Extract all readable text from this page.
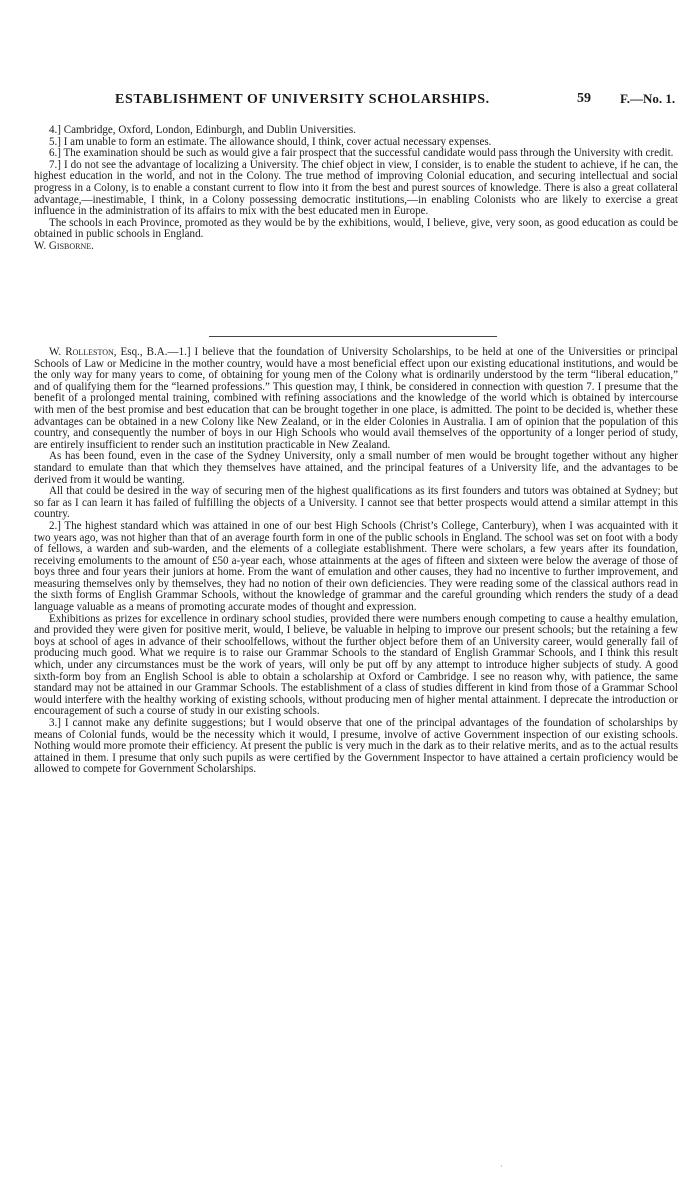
ESTABLISHMENT OF UNIVERSITY SCHOLARSHIPS.	59 F.—No. 1.

4.] Cambridge, Oxford, London, Edinburgh, and Dublin Universities.

5.] I am unable to form an estimate. The allowance should, I think, cover actual necessary expenses.

6.] The examination should be such as would give a fair prospect that the successful candidate would pass through the University with credit.

7.] I do not see the advantage of localizing a University. The chief object in view, I consider, is to enable the student to achieve, if he can, the highest education in the world, and not in the Colony. The true method of improving Colonial education, and securing intellectual and social progress in a Colony, is to enable a constant current to flow into it from the best and purest sources of knowledge. There is also a great collateral advantage,—inestimable, I think, in a Colony possessing democratic institutions,—in enabling Colonists who are likely to exercise a great influence in the administration of its affairs to mix with the best educated men in Europe.

The schools in each Province, promoted as they would be by the exhibitions, would, I believe, give, very soon, as good education as could be obtained in public schools in England.

W. Gisborne.

W. Rolleston, Esq., B.A.—1.] I believe that the foundation of University Scholarships, to be held at one of the Universities or principal Schools of Law or Medicine in the mother country, would have a most beneficial effect upon our existing educational institutions, and would be the only way for many years to come, of obtaining for young men of the Colony what is ordinarily understood by the term “liberal education,” and of qualifying them for the “learned professions.” This question may, I think, be considered in connection with question 7. I presume that the benefit of a prolonged mental training, combined with refining associations and the knowledge of the world which is obtained by intercourse with men of the best promise and best education that can be brought together in one place, is admitted. The point to be decided is, whether these advantages can be obtained in a new Colony like New Zealand, or in the elder Colonies in Australia. I am of opinion that the population of this country, and consequently the number of boys in our High Schools who would avail themselves of the opportunity of a longer period of study, are entirely insufficient to render such an institution practicable in New Zealand.

As has been found, even in the case of the Sydney University, only a small number of men would be brought together without any higher standard to emulate than that which they themselves have attained, and the principal features of a University life, and the advantages to be derived from it would be wanting.

All that could be desired in the way of securing men of the highest qualifications as its first founders and tutors was obtained at Sydney; but so far as I can learn it has failed of fulfilling the objects of a University. I cannot see that better prospects would attend a similar attempt in this country.

2.] The highest standard which was attained in one of our best High Schools (Christ’s College, Canterbury), when I was acquainted with it two years ago, was not higher than that of an average fourth form in one of the public schools in England. The school was set on foot with a body of fellows, a warden and sub-warden, and the elements of a collegiate establishment. There were scholars, a few years after its foundation, receiving emoluments to the amount of £50 a-year each, whose attainments at the ages of fifteen and sixteen were below the average of those of boys three and four years their juniors at home. From the want of emulation and other causes, they had no incentive to further improvement, and measuring themselves only by themselves, they had no notion of their own deficiencies. They were reading some of the classical authors read in the sixth forms of English Grammar Schools, without the knowledge of grammar and the careful grounding which renders the study of a dead language valuable as a means of promoting accurate modes of thought and expression.

Exhibitions as prizes for excellence in ordinary school studies, provided there were numbers enough competing to cause a healthy emulation, and provided they were given for positive merit, would, I believe, be valuable in helping to improve our present schools; but the retaining a few boys at school of ages in advance of their schoolfellows, without the further object before them of an University career, would generally fail of producing much good. What we require is to raise our Grammar Schools to the standard of English Grammar Schools, and I think this result which, under any circumstances must be the work of years, will only be put off by any attempt to introduce higher subjects of study. A good sixth-form boy from an English School is able to obtain a scholarship at Oxford or Cambridge. I see no reason why, with patience, the same standard may not be attained in our Grammar Schools. The establishment of a class of studies different in kind from those of a Grammar School would interfere with the healthy working of existing schools, without producing men of higher mental attainment. I deprecate the introduction or encouragement of such a course of study in our existing schools.

3.] I cannot make any definite suggestions; but I would observe that one of the principal advantages of the foundation of scholarships by means of Colonial funds, would be the necessity which it would, I presume, involve of active Government inspection of our existing schools. Nothing would more promote their efficiency. At present the public is very much in the dark as to their relative merits, and as to the actual results attained in them. I presume that only such pupils as were certified by the Government Inspector to have attained a certain proficiency would be allowed to compete for Government Scholarships.

·
